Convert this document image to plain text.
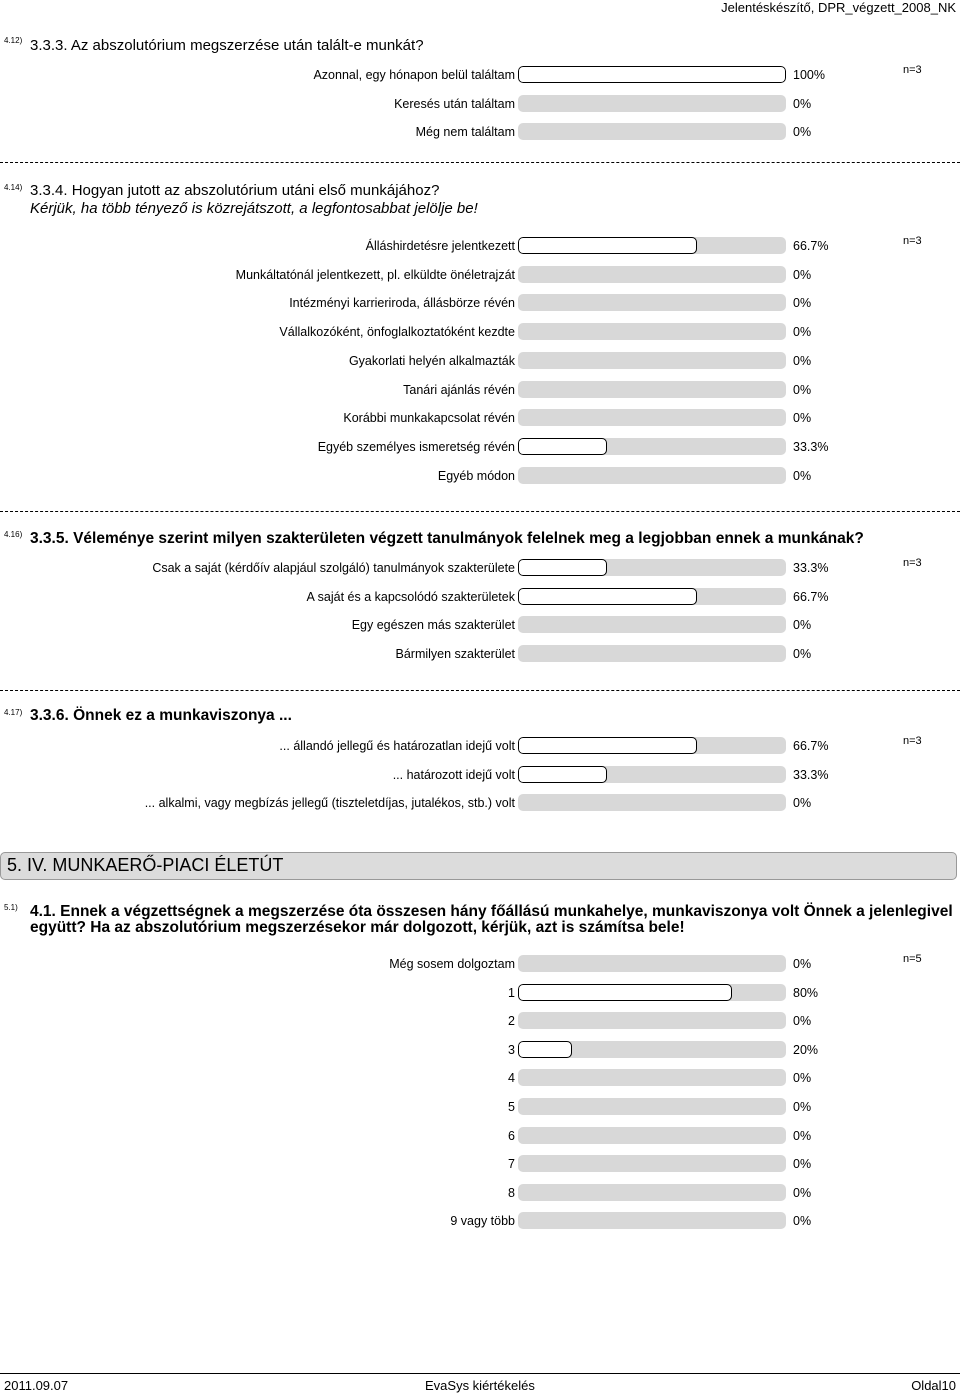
Jelentéskészítő, DPR_végzett_2008_NK
4.12) 3.3.3. Az abszolutórium megszerzése után talált-e munkát?
n=3
Azonnal, egy hónapon belül találtam	100%
Keresés után találtam	0%
Még nem találtam	0%
4.14) 3.3.4. Hogyan jutott az abszolutórium utáni első munkájához?
Kérjük, ha több tényező is közrejátszott, a legfontosabbat jelölje be!
n=3
Álláshirdetésre jelentkezett	66.7%
Munkáltatónál jelentkezett, pl. elküldte önéletrajzát	0%
Intézményi karrieriroda, állásbörze révén	0%
Vállalkozóként, önfoglalkoztatóként kezdte	0%
Gyakorlati helyén alkalmazták	0%
Tanári ajánlás révén	0%
Korábbi munkakapcsolat révén	0%
Egyéb személyes ismeretség révén	33.3%
Egyéb módon	0%
4.16) 3.3.5. Véleménye szerint milyen szakterületen végzett tanulmányok felelnek meg a legjobban ennek a munkának?
n=3
Csak a saját (kérdőív alapjául szolgáló) tanulmányok szakterülete	33.3%
A saját és a kapcsolódó szakterületek	66.7%
Egy egészen más szakterület	0%
Bármilyen szakterület	0%
4.17) 3.3.6. Önnek ez a munkaviszonya ...
n=3
... állandó jellegű és határozatlan idejű volt	66.7%
... határozott idejű volt	33.3%
... alkalmi, vagy megbízás jellegű (tiszteletdíjas, jutalékos, stb.) volt	0%
5. IV. MUNKAERŐ-PIACI ÉLETÚT
5.1) 4.1. Ennek a végzettségnek a megszerzése óta összesen hány főállású munkahelye, munkaviszonya volt Önnek a jelenlegivel
együtt? Ha az abszolutórium megszerzésekor már dolgozott, kérjük, azt is számítsa bele!
n=5
Még sosem dolgoztam	0%
1	80%
2	0%
3	20%
4	0%
5	0%
6	0%
7	0%
8	0%
9 vagy több	0%
2011.09.07	EvaSys kiértékelés	Oldal10
